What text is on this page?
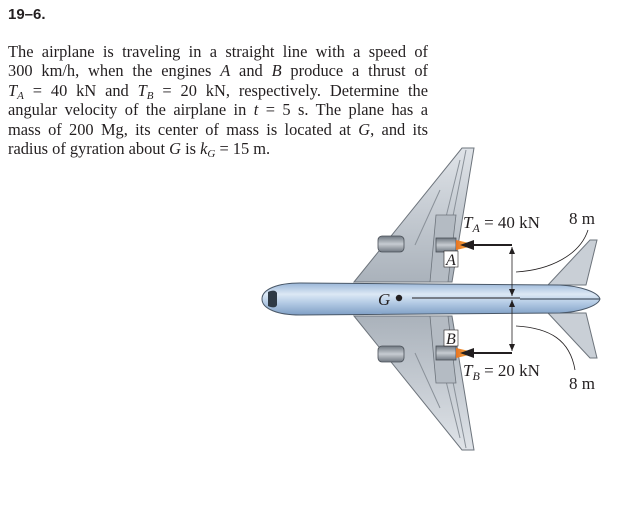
19–6.
The airplane is traveling in a straight line with a speed of
300 km/h, when the engines A and B produce a thrust of
$T_A = 40$ kN and $T_B = 20$ kN, respectively. Determine the
angular velocity of the airplane in t = 5 s. The plane has a
mass of 200 Mg, its center of mass is located at G, and its
radius of gyration about G is $k_G = 15$ m.
A
B
G
$T_A = 40$ kN
$T_B = 20$ kN
8 m
8 m
